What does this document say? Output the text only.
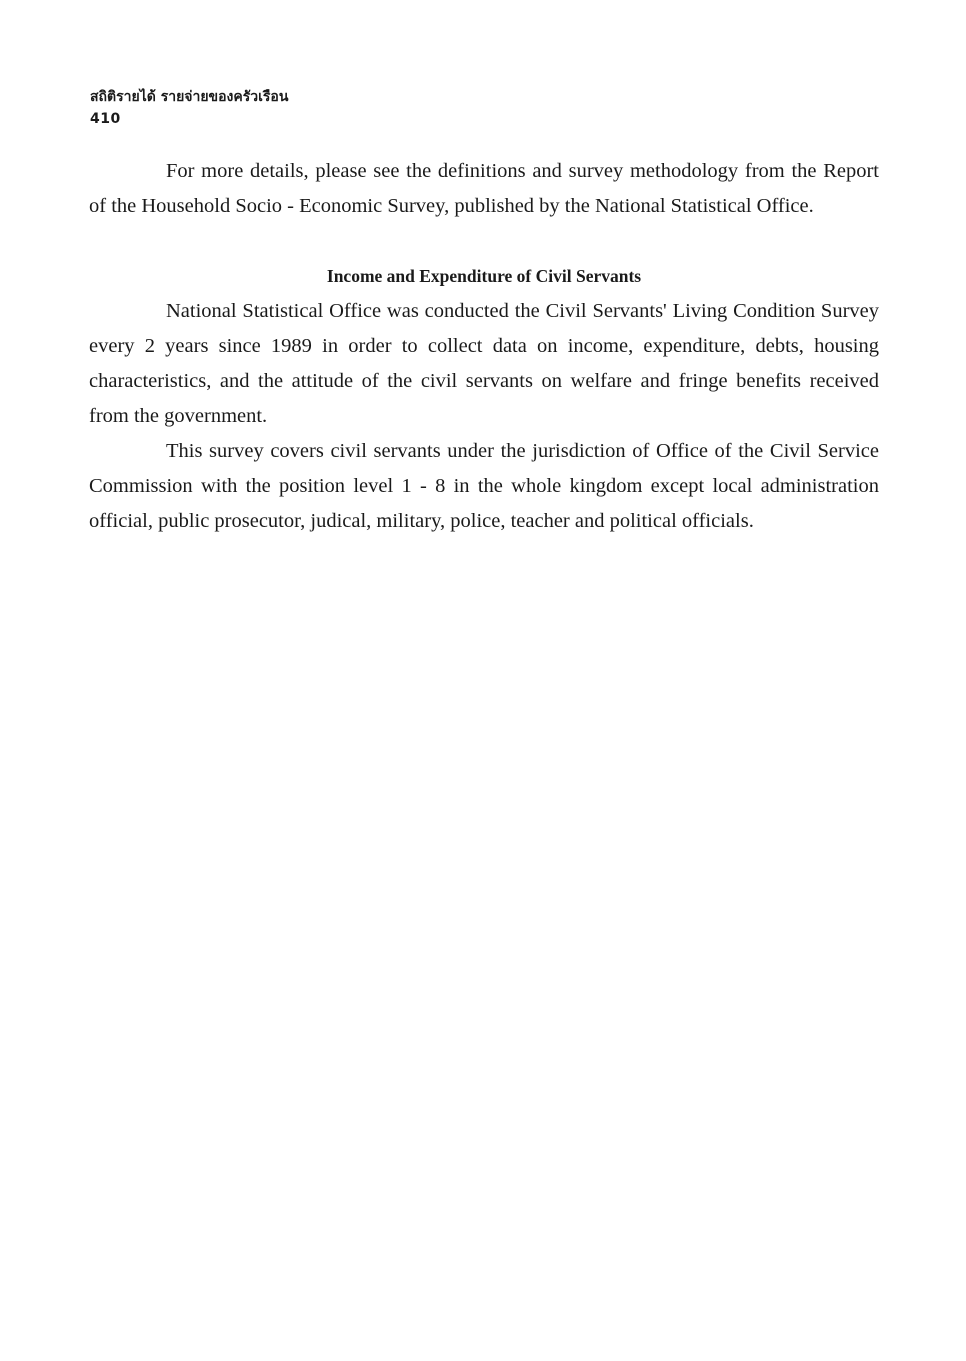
สถิติรายได้ รายจ่ายของครัวเรือน
410

For more details, please see the definitions and survey methodology from the Report of the Household Socio - Economic Survey, published by the National Statistical Office.

Income and Expenditure of Civil Servants

National Statistical Office was conducted the Civil Servants' Living Condition Survey every 2 years since 1989 in order to collect data on income, expenditure, debts, housing characteristics, and the attitude of the civil servants on welfare and fringe benefits received from the government.

This survey covers civil servants under the jurisdiction of Office of the Civil Service Commission with the position level 1 - 8 in the whole kingdom except local administration official, public prosecutor, judical, military, police, teacher and political officials.
